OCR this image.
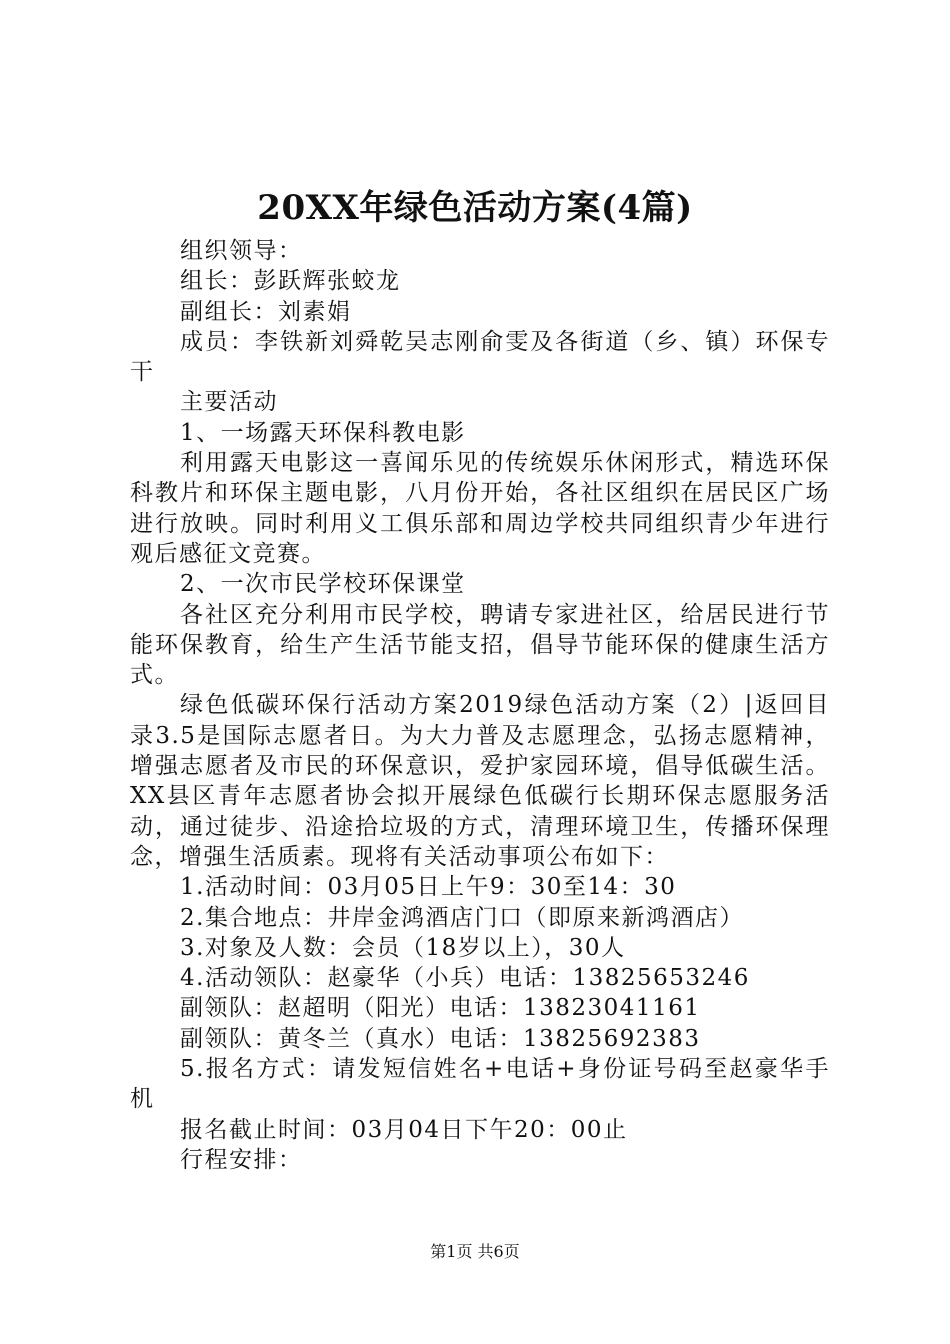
20XX年绿色活动方案(4篇)

组织领导：

组长：彭跃辉张蛟龙

副组长：刘素娟

成员：李铁新刘舜乾吴志刚俞雯及各街道（乡、镇）环保专干

主要活动

1、一场露天环保科教电影

利用露天电影这一喜闻乐见的传统娱乐休闲形式，精选环保科教片和环保主题电影，八月份开始，各社区组织在居民区广场进行放映。同时利用义工俱乐部和周边学校共同组织青少年进行观后感征文竞赛。

2、一次市民学校环保课堂

各社区充分利用市民学校，聘请专家进社区，给居民进行节能环保教育，给生产生活节能支招，倡导节能环保的健康生活方式。

绿色低碳环保行活动方案2019绿色活动方案（2）|返回目录3.5是国际志愿者日。为大力普及志愿理念，弘扬志愿精神，增强志愿者及市民的环保意识，爱护家园环境，倡导低碳生活。XX县区青年志愿者协会拟开展绿色低碳行长期环保志愿服务活动，通过徒步、沿途拾垃圾的方式，清理环境卫生，传播环保理念，增强生活质素。现将有关活动事项公布如下：

1.活动时间：03月05日上午9：30至14：30

2.集合地点：井岸金鸿酒店门口（即原来新鸿酒店）

3.对象及人数：会员（18岁以上），30人

4.活动领队：赵豪华（小兵）电话：13825653246

副领队：赵超明（阳光）电话：13823041161

副领队：黄冬兰（真水）电话：13825692383

5.报名方式：请发短信姓名+电话+身份证号码至赵豪华手机

报名截止时间：03月04日下午20：00止

行程安排：

第1页 共6页
